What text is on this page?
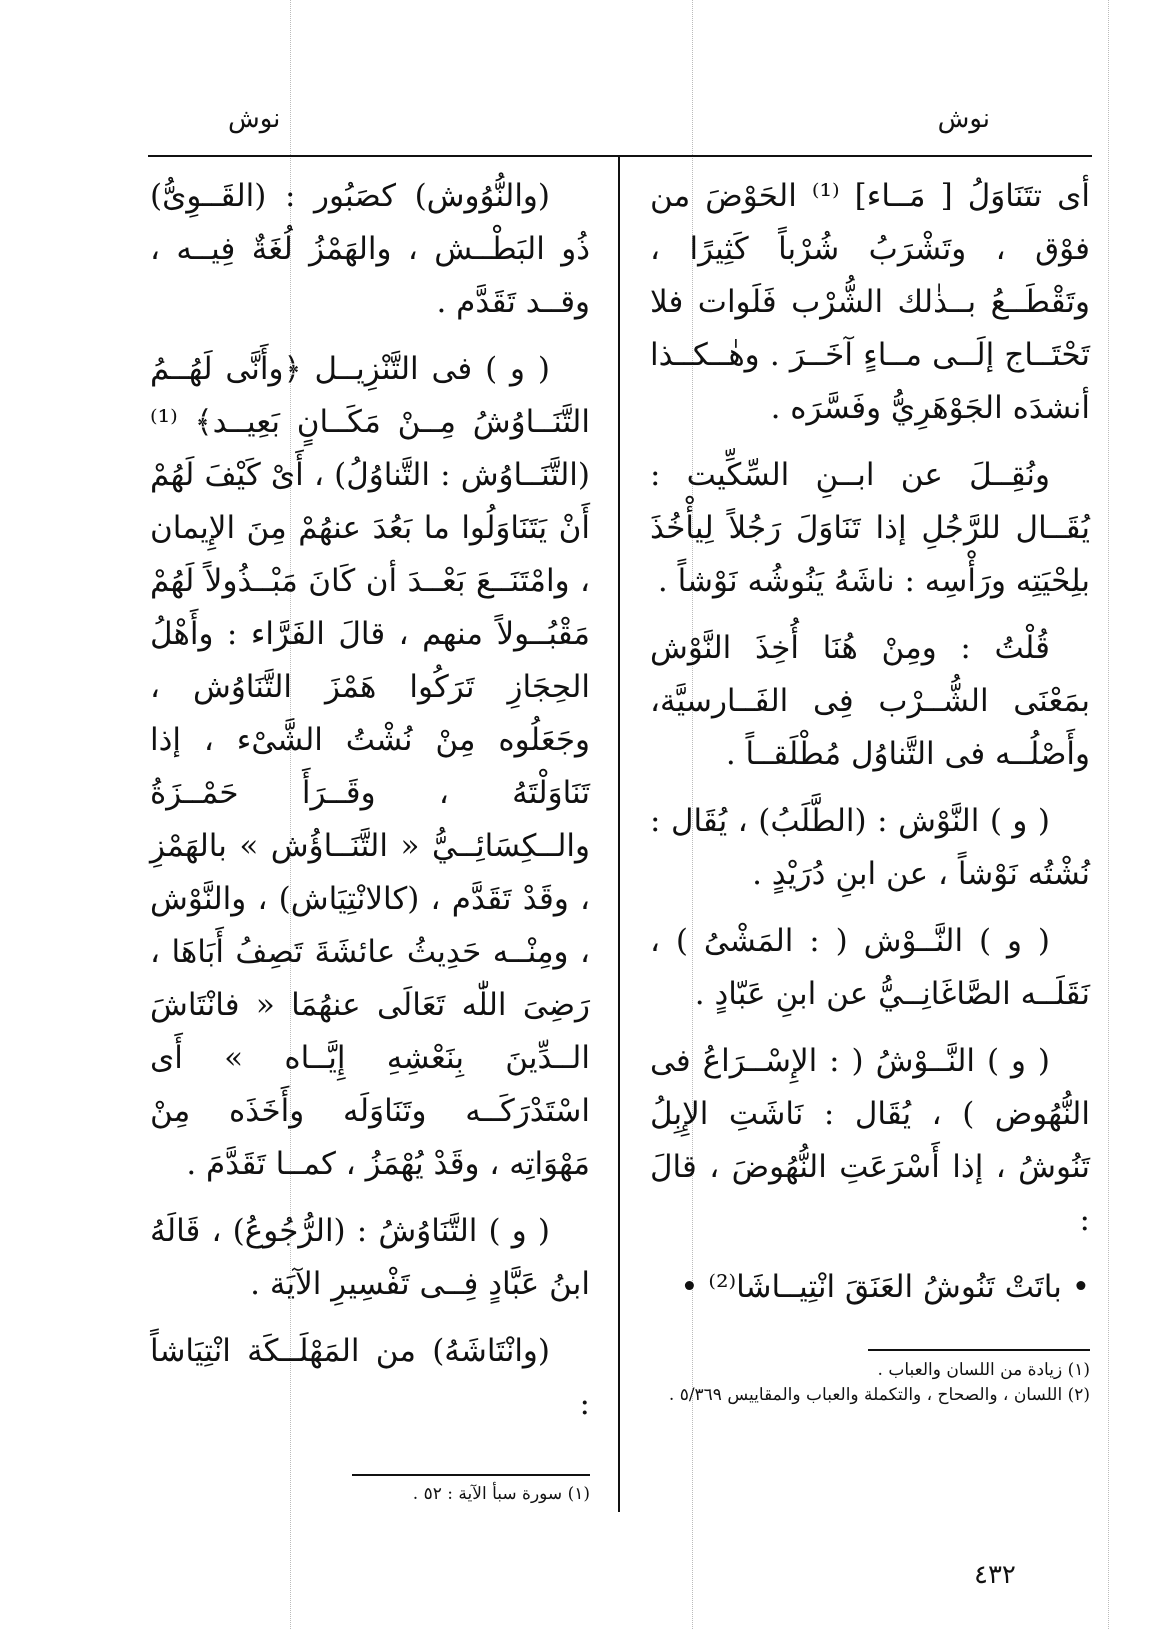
نوش
نوش

أى تتَنَاوَلُ [ مَــاء] ⁽¹⁾ الحَوْضَ من فوْق ، وتَشْرَبُ شُرْباً كَثِيرًا ، وتَقْطَــعُ بــذٰلك الشُّرْب فَلَوات فلا تَحْتَــاج إلَــى مــاءٍ آخَــرَ . وهٰــكــذا أنشدَه الجَوْهَرِيُّ وفَسَّرَه .

ونُقِــلَ عن ابــنِ السِّكِّيت : يُقَــال للرَّجُلِ إذا تَنَاوَلَ رَجُلاً لِيأْخُذَ بلِحْيَتِه ورَأْسِه : ناشَهُ يَنُوشُه نَوْشاً .

قُلْتُ : ومِنْ هُنَا أُخِذَ النَّوْش بمَعْنَى الشُّــرْب فِى الفَــارسيَّة، وأَصْلُــه فى التَّناوُل مُطْلَقــاً .

( و ) النَّوْش : (الطَّلَبُ) ، يُقَال : نُشْتُه نَوْشاً ، عن ابنِ دُرَيْدٍ .

( و ) النَّــوْش ( : المَشْىُ ) ، نَقَلَــه الصَّاغَانِــيُّ عن ابنِ عَبّادٍ .

( و ) النَّــوْشُ ( : الإِسْــرَاعُ فى النُّهُوض ) ، يُقَال : نَاشَتِ الإِبِلُ تَنُوشُ ، إذا أَسْرَعَتِ النُّهُوضَ ، قالَ :

• باتَتْ تَنُوشُ العَنَقَ انْتِيــاشَا⁽²⁾ •

(والنُّوُوش) كصَبُور : (القَــوِىُّ) ذُو البَطْــش ، والهَمْزُ لُغَةٌ فِيــه ، وقــد تَقَدَّم .

( و ) فى التَّنْزِيــل ﴿وأَنَّى لَهُــمُ التَّنَــاوُشُ مِــنْ مَكَــانٍ بَعِيــد﴾ ⁽¹⁾ (التَّنَــاوُش : التَّناوُلُ) ، أَىْ كَيْفَ لَهُمْ أَنْ يَتَنَاوَلُوا ما بَعُدَ عنهُمْ مِنَ الإِيمان ، وامْتَنَــعَ بَعْــدَ أن كَانَ مَبْــذُولاً لَهُمْ مَقْبُــولاً منهم ، قالَ الفَرَّاء : وأَهْلُ الحِجَازِ تَرَكُوا هَمْزَ التَّنَاوُش ، وجَعَلُوه مِنْ نُشْتُ الشَّىْء ، إذا تَنَاوَلْتَهُ ، وقَــرَأَ حَمْــزَةُ والــكِسَائِــيُّ « التَّنَــاؤُش » بالهَمْزِ ، وقَدْ تَقَدَّم ، (كالانْتِيَاش) ، والنَّوْش ، ومِنْــه حَدِيثُ عائشَةَ تَصِفُ أَبَاهَا ، رَضِىَ اللّٰه تَعَالَى عنهُمَا « فانْتَاشَ الــدِّينَ بِنَعْشِهِ إِيَّــاه » أَى اسْتَدْرَكَــه وتَنَاوَلَه وأَخَذَه مِنْ مَهْوَاتِه ، وقَدْ يُهْمَزُ ، كمــا تَقَدَّمَ .

( و ) التَّنَاوُشُ : (الرُّجُوعُ) ، قَالَهُ ابنُ عَبَّادٍ فِــى تَفْسِيرِ الآيَة .

(وانْتَاشَهُ) من المَهْلَــكَة انْتِيَاشاً :

(١) زيادة من اللسان والعباب .

(٢) اللسان ، والصحاح ، والتكملة والعباب والمقاييس ٥/٣٦٩ .

(١) سورة سبأ الآية : ٥٢ .

٤٣٢
